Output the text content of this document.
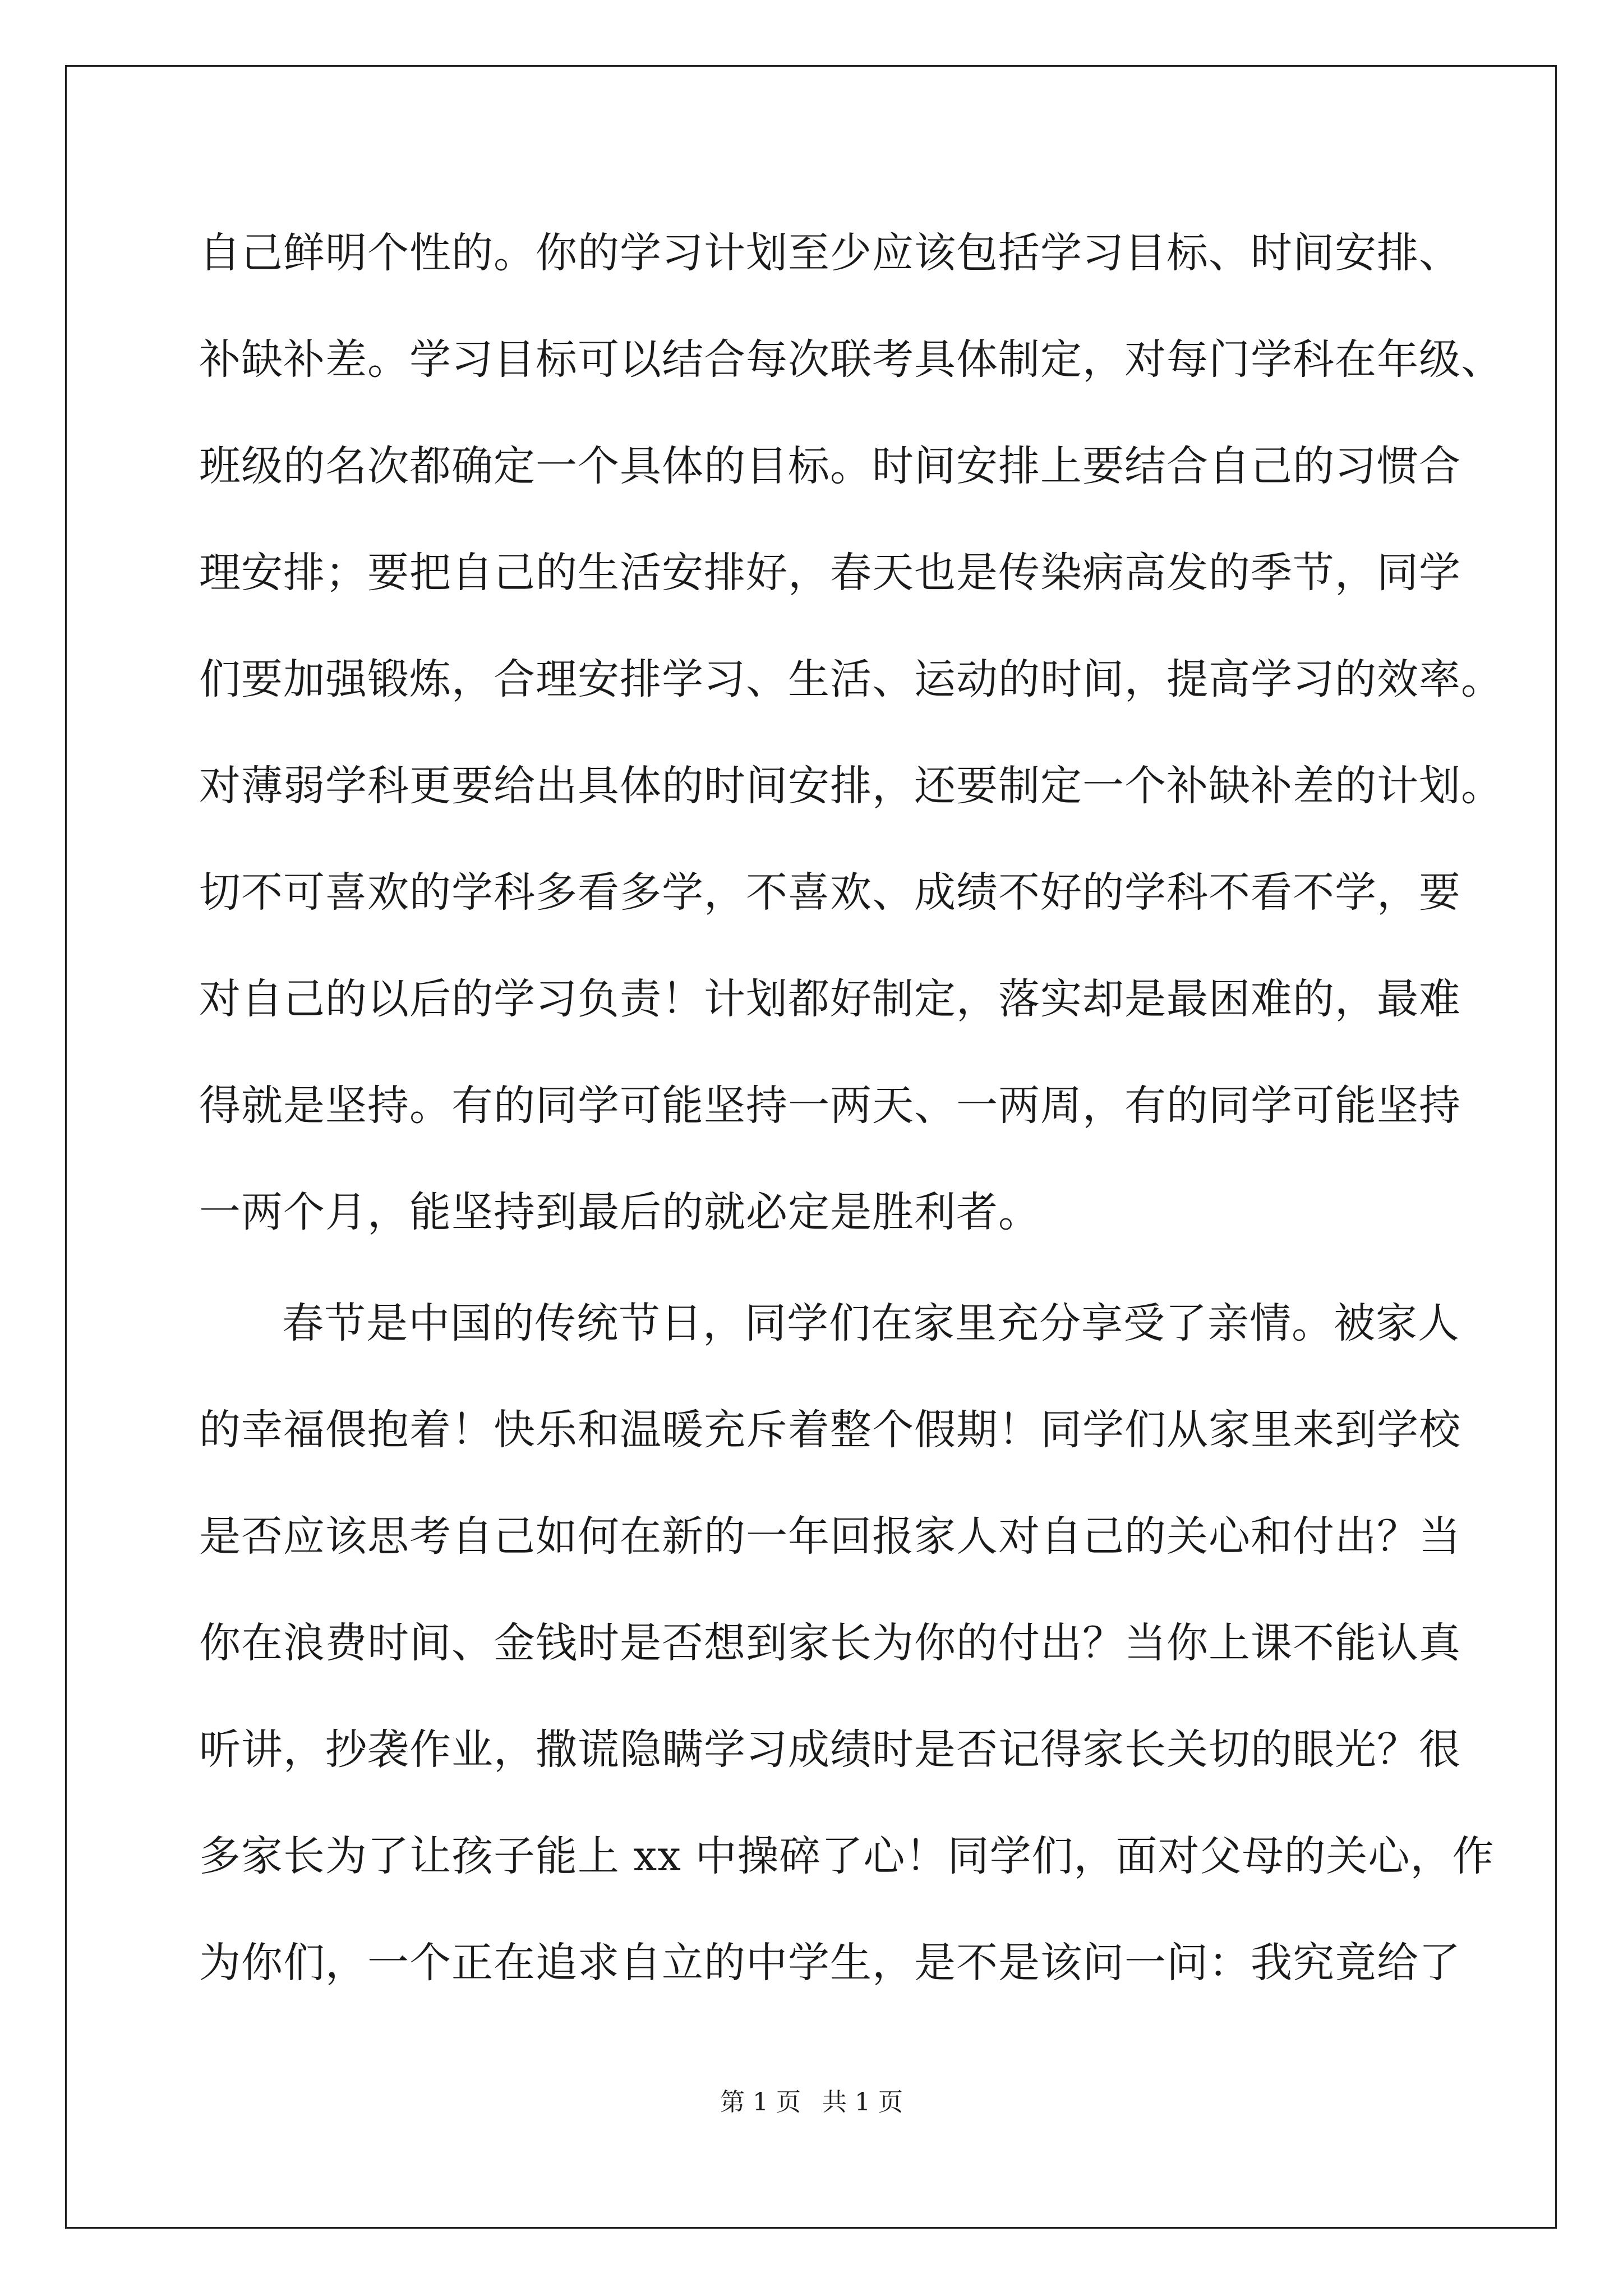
自己鲜明个性的。你的学习计划至少应该包括学习目标、时间安排、
补缺补差。学习目标可以结合每次联考具体制定，对每门学科在年级、
班级的名次都确定一个具体的目标。时间安排上要结合自己的习惯合
理安排；要把自己的生活安排好，春天也是传染病高发的季节，同学
们要加强锻炼，合理安排学习、生活、运动的时间，提高学习的效率。
对薄弱学科更要给出具体的时间安排，还要制定一个补缺补差的计划。
切不可喜欢的学科多看多学，不喜欢、成绩不好的学科不看不学，要
对自己的以后的学习负责！计划都好制定，落实却是最困难的，最难
得就是坚持。有的同学可能坚持一两天、一两周，有的同学可能坚持
一两个月，能坚持到最后的就必定是胜利者。
春节是中国的传统节日，同学们在家里充分享受了亲情。被家人
的幸福偎抱着！快乐和温暖充斥着整个假期！同学们从家里来到学校
是否应该思考自己如何在新的一年回报家人对自己的关心和付出？当
你在浪费时间、金钱时是否想到家长为你的付出？当你上课不能认真
听讲，抄袭作业，撒谎隐瞒学习成绩时是否记得家长关切的眼光？很
多家长为了让孩子能上 xx 中操碎了心！同学们，面对父母的关心，作
为你们，一个正在追求自立的中学生，是不是该问一问：我究竟给了
第 1 页 共 1 页
